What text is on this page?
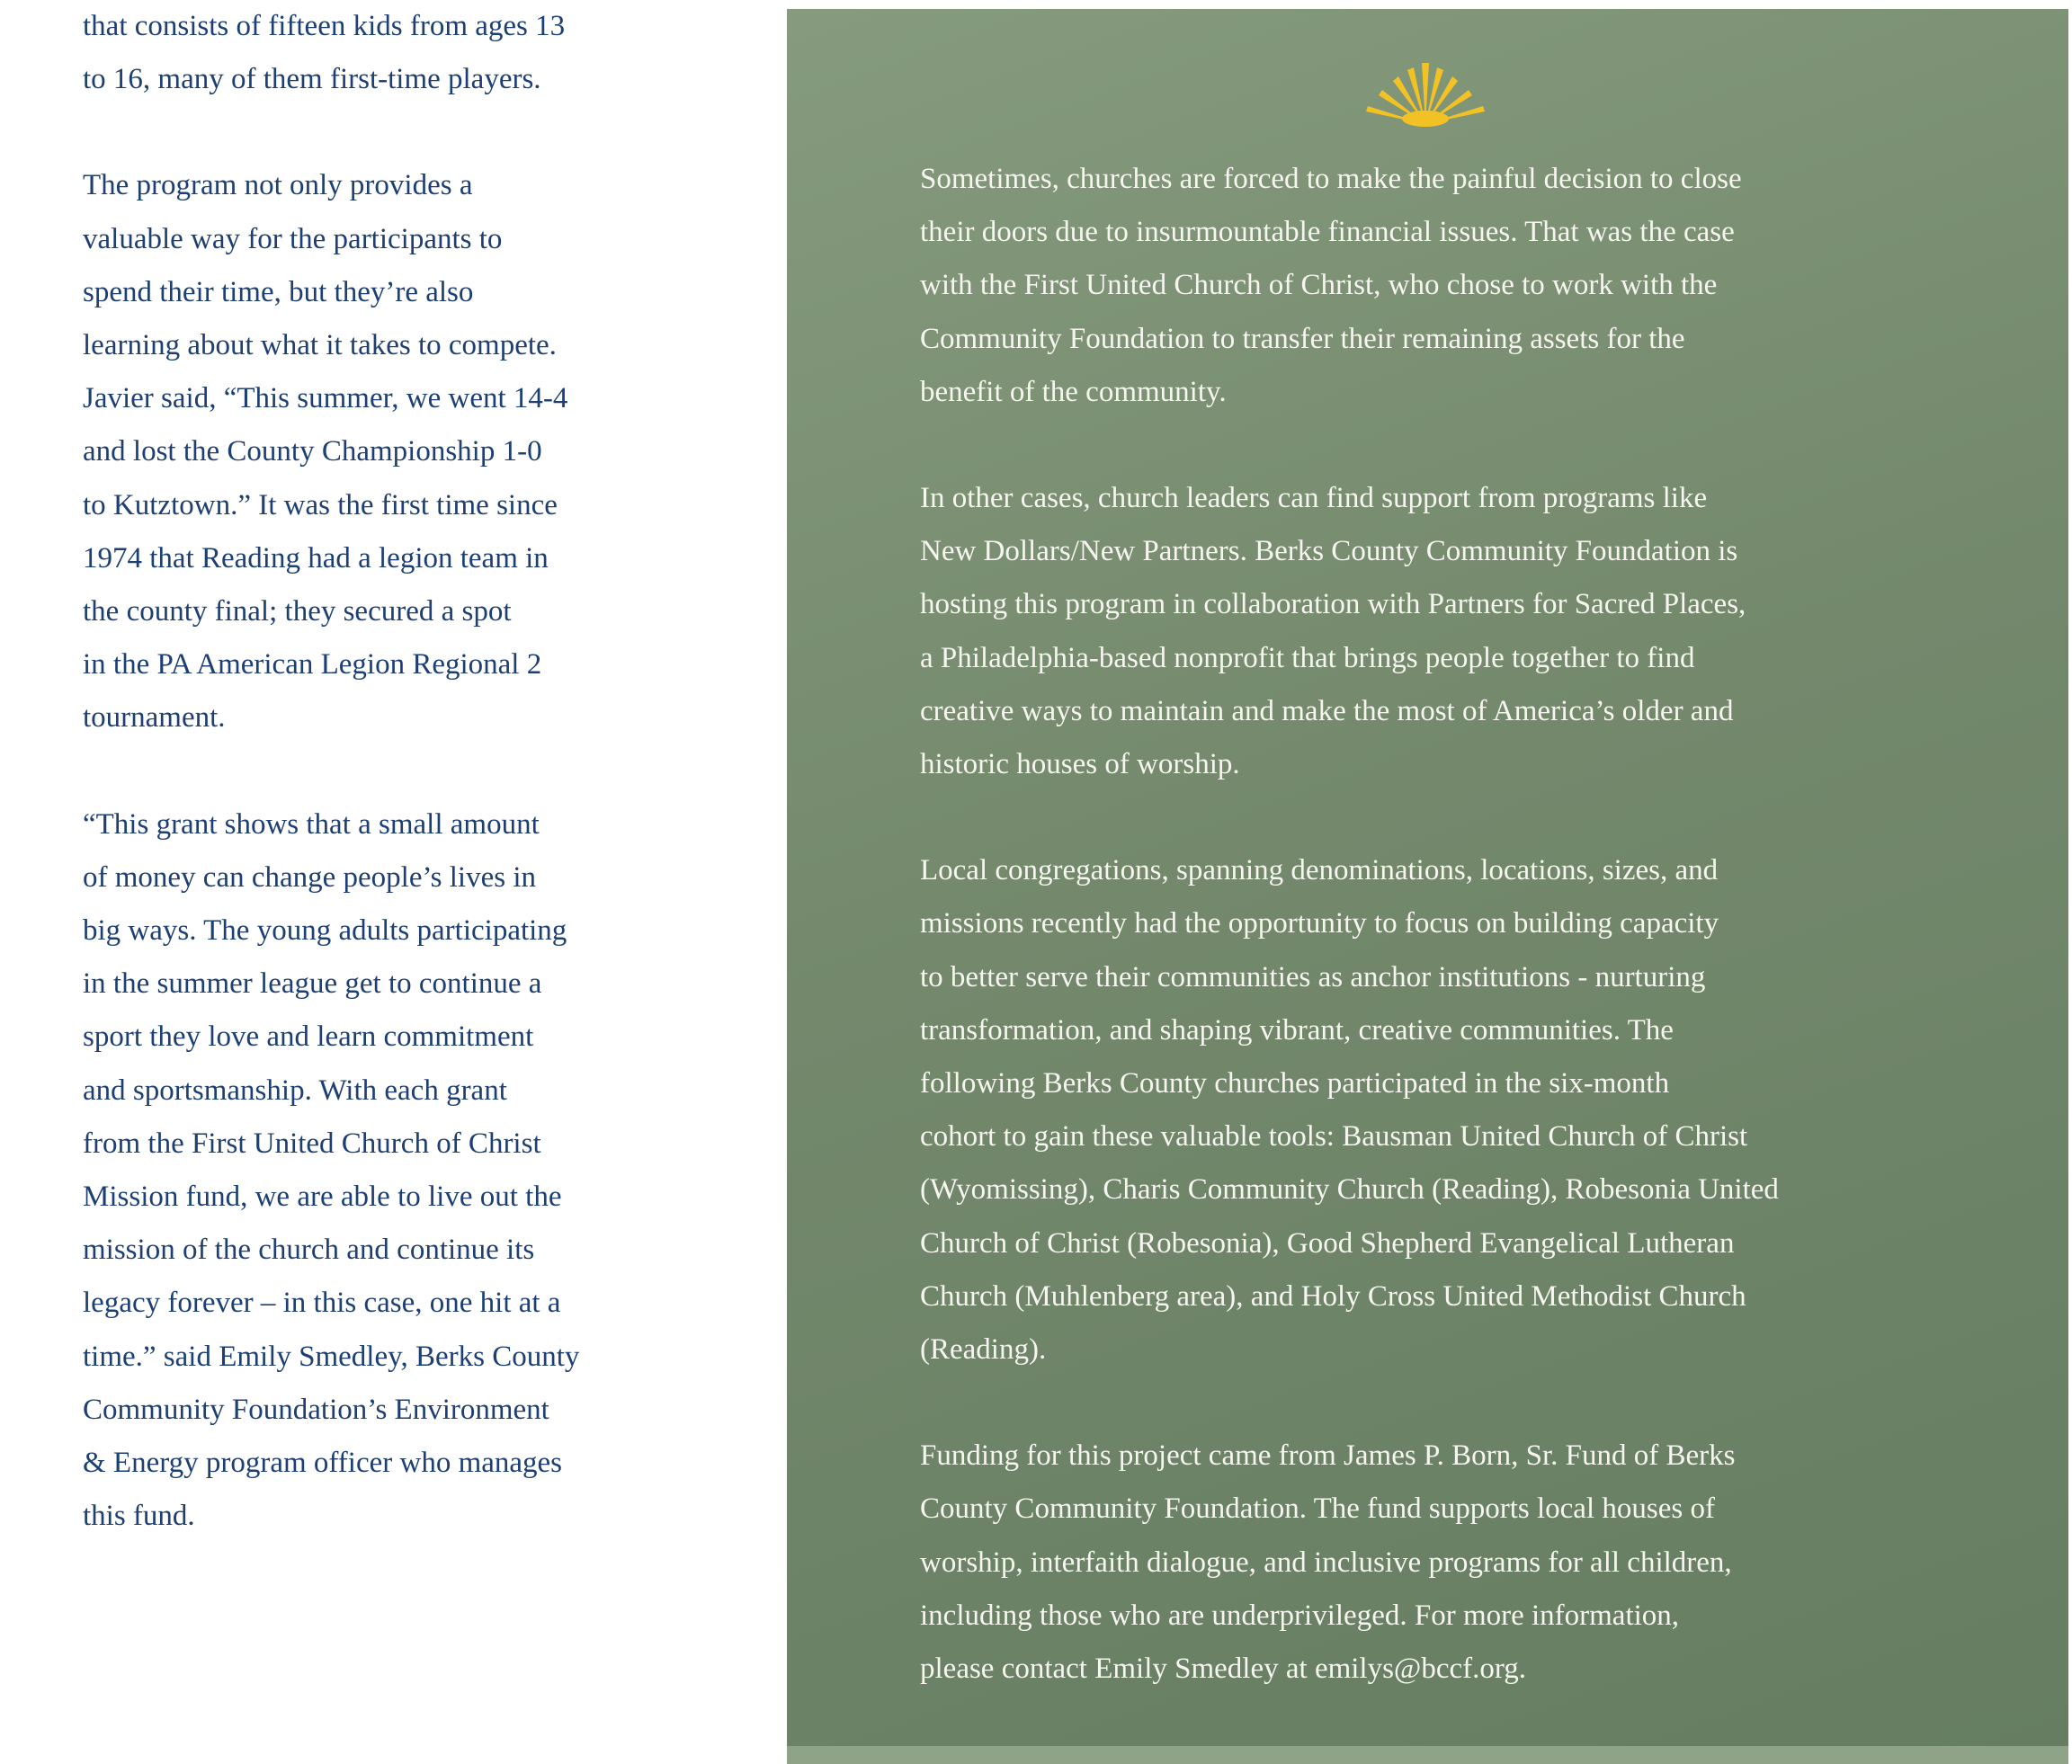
that consists of fifteen kids from ages 13
to 16, many of them first-time players.

The program not only provides a
valuable way for the participants to
spend their time, but they’re also
learning about what it takes to compete.
Javier said, “This summer, we went 14-4
and lost the County Championship 1-0
to Kutztown.” It was the first time since
1974 that Reading had a legion team in
the county final; they secured a spot
in the PA American Legion Regional 2
tournament.

“This grant shows that a small amount
of money can change people’s lives in
big ways. The young adults participating
in the summer league get to continue a
sport they love and learn commitment
and sportsmanship. With each grant
from the First United Church of Christ
Mission fund, we are able to live out the
mission of the church and continue its
legacy forever – in this case, one hit at a
time.” said Emily Smedley, Berks County
Community Foundation’s Environment
& Energy program officer who manages
this fund.

Sometimes, churches are forced to make the painful decision to close
their doors due to insurmountable financial issues. That was the case
with the First United Church of Christ, who chose to work with the
Community Foundation to transfer their remaining assets for the
benefit of the community.

In other cases, church leaders can find support from programs like
New Dollars/New Partners. Berks County Community Foundation is
hosting this program in collaboration with Partners for Sacred Places,
a Philadelphia-based nonprofit that brings people together to find
creative ways to maintain and make the most of America’s older and
historic houses of worship.

Local congregations, spanning denominations, locations, sizes, and
missions recently had the opportunity to focus on building capacity
to better serve their communities as anchor institutions - nurturing
transformation, and shaping vibrant, creative communities. The
following Berks County churches participated in the six-month
cohort to gain these valuable tools: Bausman United Church of Christ
(Wyomissing), Charis Community Church (Reading), Robesonia United
Church of Christ (Robesonia), Good Shepherd Evangelical Lutheran
Church (Muhlenberg area), and Holy Cross United Methodist Church
(Reading).

Funding for this project came from James P. Born, Sr. Fund of Berks
County Community Foundation. The fund supports local houses of
worship, interfaith dialogue, and inclusive programs for all children,
including those who are underprivileged. For more information,
please contact Emily Smedley at emilys@bccf.org.
